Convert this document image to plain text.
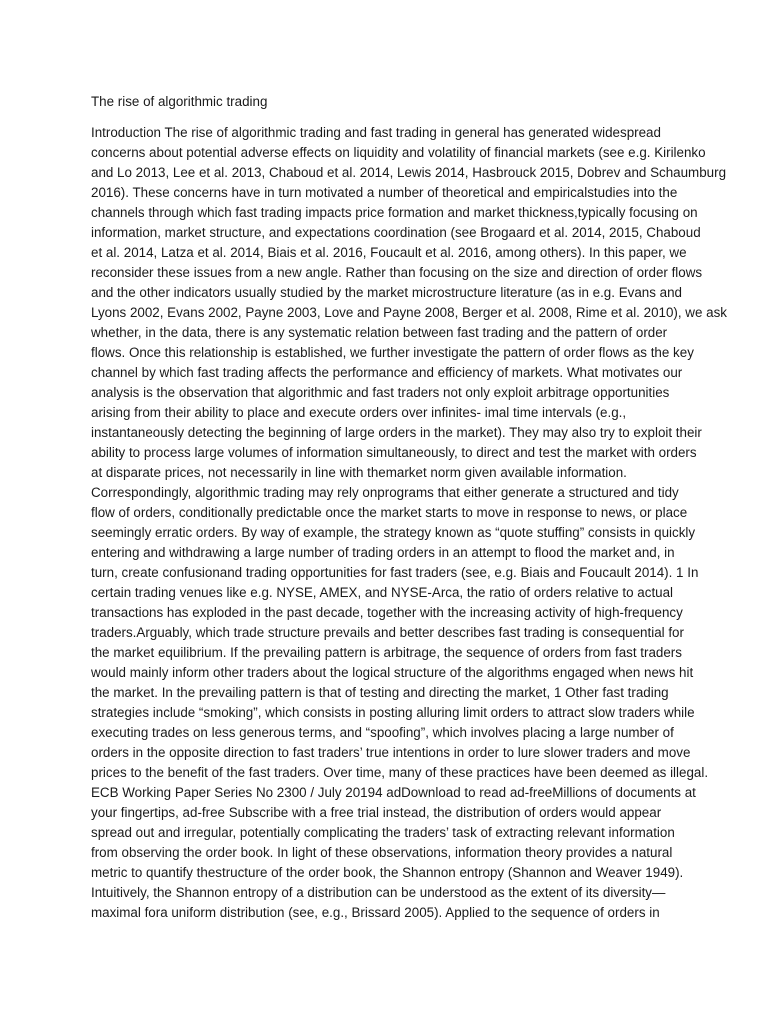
The rise of algorithmic trading
Introduction The rise of algorithmic trading and fast trading in general has generated widespread
concerns about potential adverse effects on liquidity and volatility of financial markets (see e.g. Kirilenko
and Lo 2013, Lee et al. 2013, Chaboud et al. 2014, Lewis 2014, Hasbrouck 2015, Dobrev and Schaumburg
2016). These concerns have in turn motivated a number of theoretical and empiricalstudies into the
channels through which fast trading impacts price formation and market thickness,typically focusing on
information, market structure, and expectations coordination (see Brogaard et al. 2014, 2015, Chaboud
et al. 2014, Latza et al. 2014, Biais et al. 2016, Foucault et al. 2016, among others). In this paper, we
reconsider these issues from a new angle. Rather than focusing on the size and direction of order flows
and the other indicators usually studied by the market microstructure literature (as in e.g. Evans and
Lyons 2002, Evans 2002, Payne 2003, Love and Payne 2008, Berger et al. 2008, Rime et al. 2010), we ask
whether, in the data, there is any systematic relation between fast trading and the pattern of order
flows. Once this relationship is established, we further investigate the pattern of order flows as the key
channel by which fast trading affects the performance and efficiency of markets. What motivates our
analysis is the observation that algorithmic and fast traders not only exploit arbitrage opportunities
arising from their ability to place and execute orders over infinites- imal time intervals (e.g.,
instantaneously detecting the beginning of large orders in the market). They may also try to exploit their
ability to process large volumes of information simultaneously, to direct and test the market with orders
at disparate prices, not necessarily in line with themarket norm given available information.
Correspondingly, algorithmic trading may rely onprograms that either generate a structured and tidy
flow of orders, conditionally predictable once the market starts to move in response to news, or place
seemingly erratic orders. By way of example, the strategy known as “quote stuffing” consists in quickly
entering and withdrawing a large number of trading orders in an attempt to flood the market and, in
turn, create confusionand trading opportunities for fast traders (see, e.g. Biais and Foucault 2014). 1 In
certain trading venues like e.g. NYSE, AMEX, and NYSE-Arca, the ratio of orders relative to actual
transactions has exploded in the past decade, together with the increasing activity of high-frequency
traders.Arguably, which trade structure prevails and better describes fast trading is consequential for
the market equilibrium. If the prevailing pattern is arbitrage, the sequence of orders from fast traders
would mainly inform other traders about the logical structure of the algorithms engaged when news hit
the market. In the prevailing pattern is that of testing and directing the market, 1 Other fast trading
strategies include “smoking”, which consists in posting alluring limit orders to attract slow traders while
executing trades on less generous terms, and “spoofing”, which involves placing a large number of
orders in the opposite direction to fast traders’ true intentions in order to lure slower traders and move
prices to the benefit of the fast traders. Over time, many of these practices have been deemed as illegal.
ECB Working Paper Series No 2300 / July 20194 adDownload to read ad-freeMillions of documents at
your fingertips, ad-free Subscribe with a free trial instead, the distribution of orders would appear
spread out and irregular, potentially complicating the traders’ task of extracting relevant information
from observing the order book. In light of these observations, information theory provides a natural
metric to quantify thestructure of the order book, the Shannon entropy (Shannon and Weaver 1949).
Intuitively, the Shannon entropy of a distribution can be understood as the extent of its diversity—
maximal fora uniform distribution (see, e.g., Brissard 2005). Applied to the sequence of orders in
